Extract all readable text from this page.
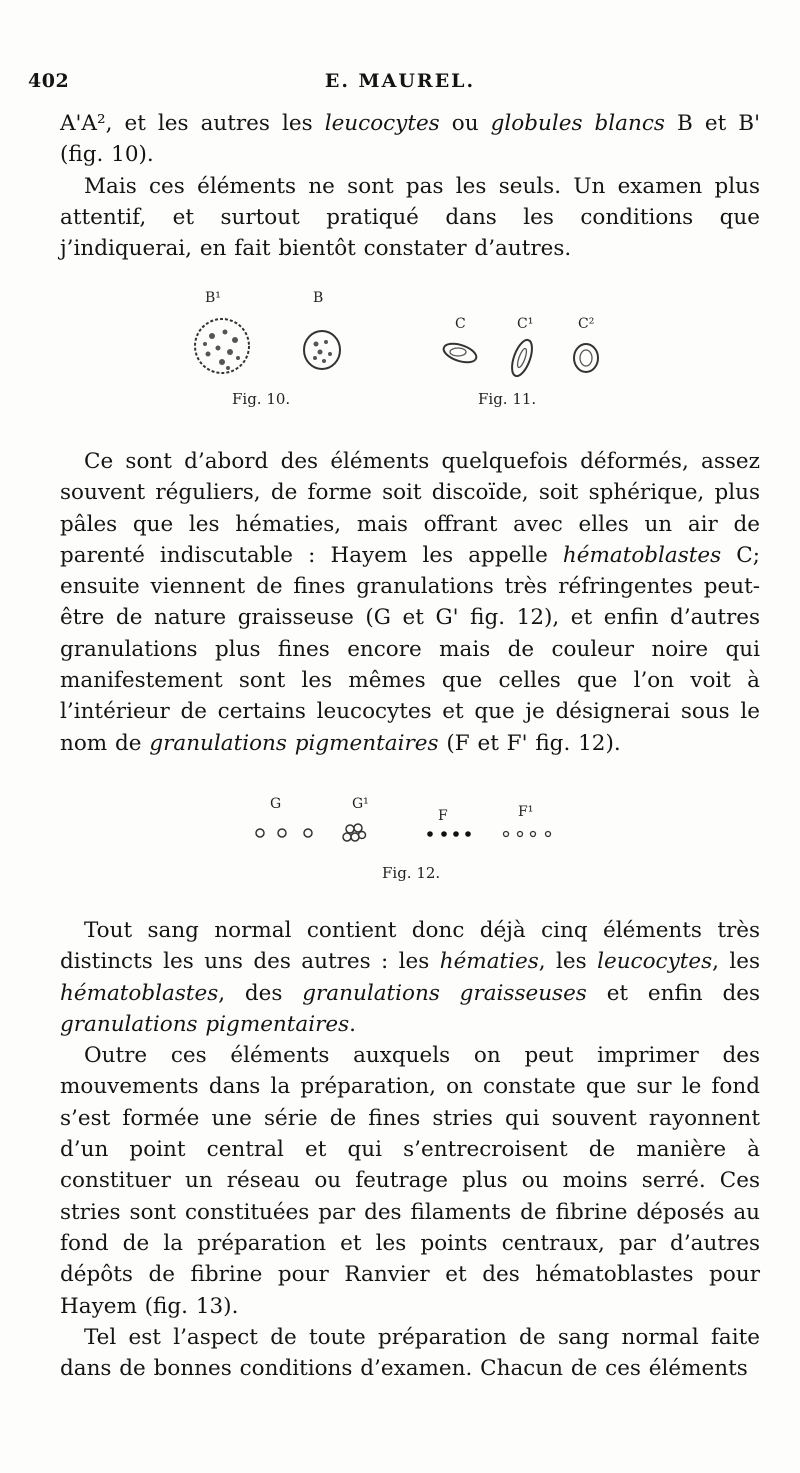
402	E. MAUREL.

A'A², et les autres les leucocytes ou globules blancs B et B' (fig. 10).

Mais ces éléments ne sont pas les seuls. Un examen plus attentif, et surtout pratiqué dans les conditions que j’indiquerai, en fait bientôt constater d’autres.

B¹	B
C	C¹	C²
Fig. 10.	Fig. 11.

Ce sont d’abord des éléments quelquefois déformés, assez souvent réguliers, de forme soit discoïde, soit sphérique, plus pâles que les hématies, mais offrant avec elles un air de parenté indiscutable : Hayem les appelle hématoblastes C; ensuite viennent de fines granulations très réfringentes peut-être de nature graisseuse (G et G' fig. 12), et enfin d’autres granulations plus fines encore mais de couleur noire qui manifestement sont les mêmes que celles que l’on voit à l’intérieur de certains leucocytes et que je désignerai sous le nom de granulations pigmentaires (F et F' fig. 12).

G	G¹
F	F¹
Fig. 12.

Tout sang normal contient donc déjà cinq éléments très distincts les uns des autres : les hématies, les leucocytes, les hématoblastes, des granulations graisseuses et enfin des granulations pigmentaires.

Outre ces éléments auxquels on peut imprimer des mouvements dans la préparation, on constate que sur le fond s’est formée une série de fines stries qui souvent rayonnent d’un point central et qui s’entrecroisent de manière à constituer un réseau ou feutrage plus ou moins serré. Ces stries sont constituées par des filaments de fibrine déposés au fond de la préparation et les points centraux, par d’autres dépôts de fibrine pour Ranvier et des hématoblastes pour Hayem (fig. 13).

Tel est l’aspect de toute préparation de sang normal faite dans de bonnes conditions d’examen. Chacun de ces éléments
